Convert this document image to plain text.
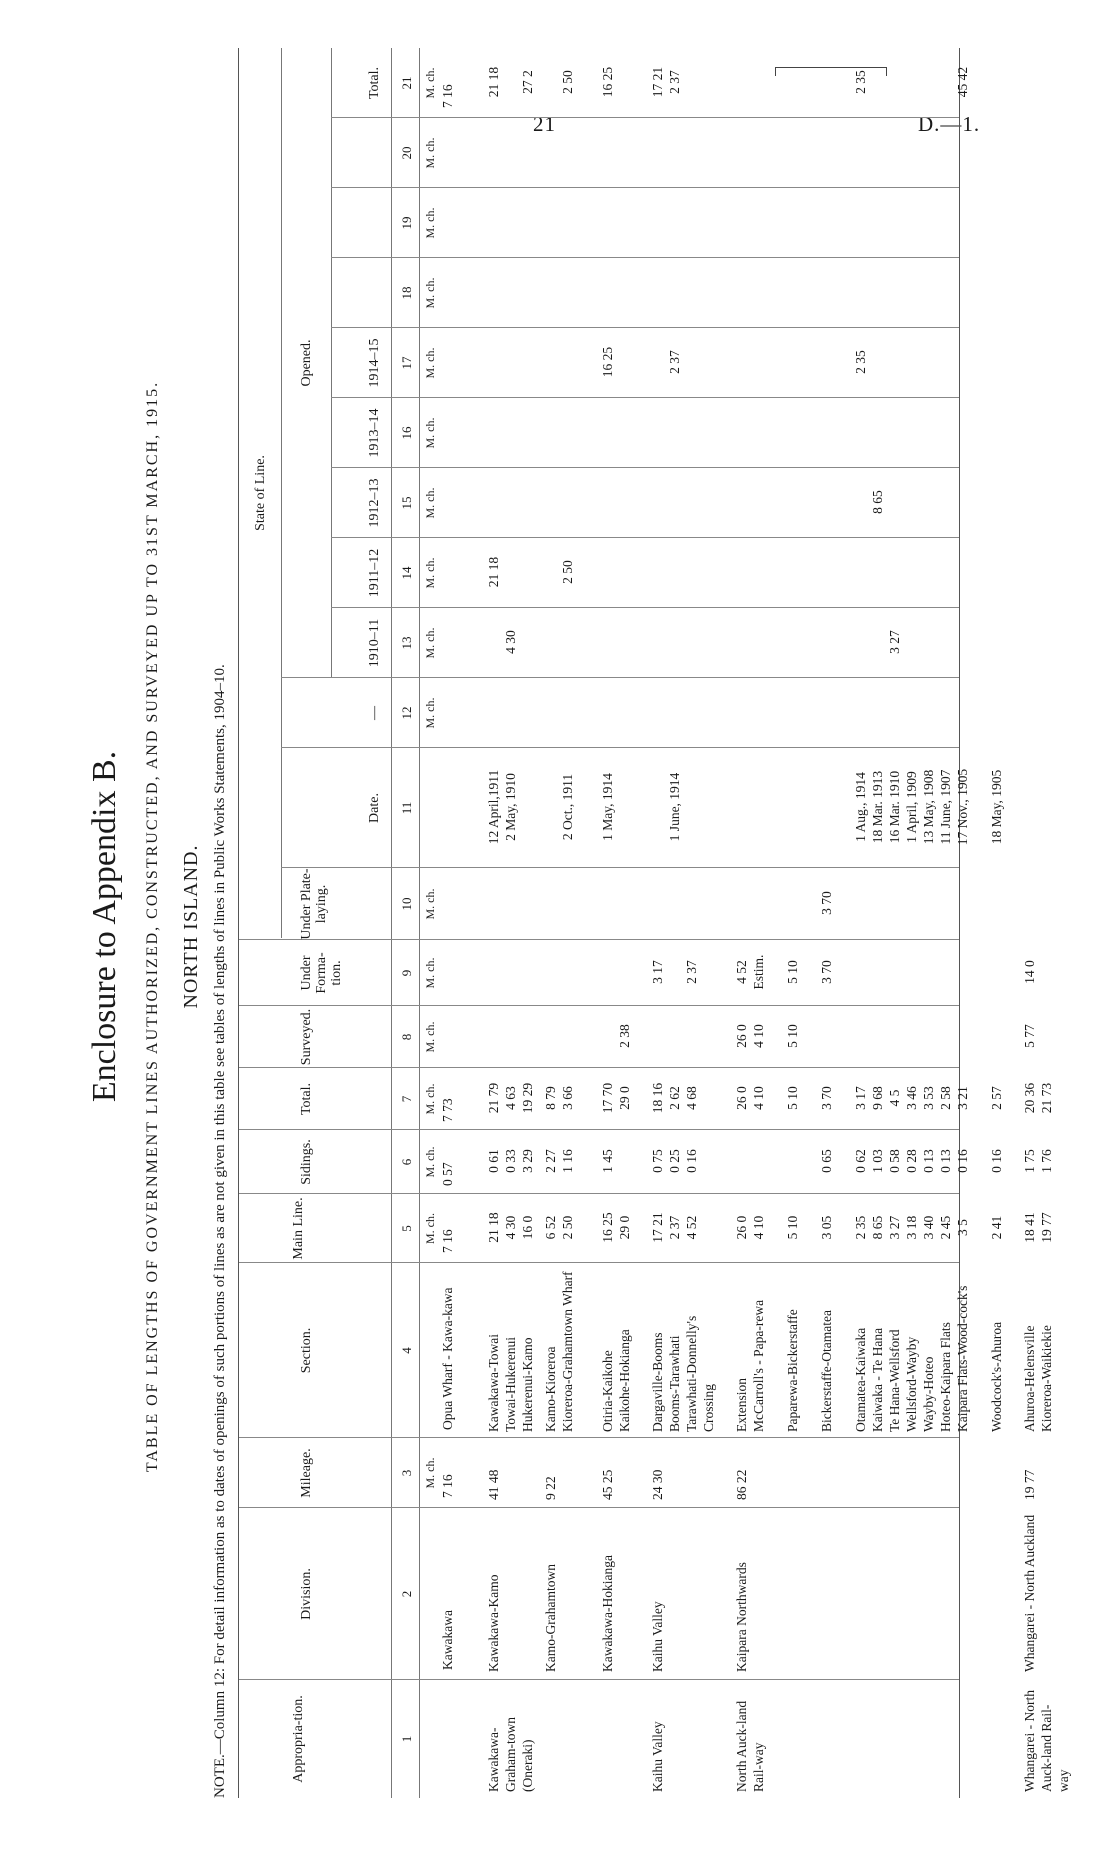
21	D.—1.
Enclosure to Appendix B. TABLE OF LENGTHS OF GOVERNMENT LINES AUTHORIZED, CONSTRUCTED, AND SURVEYED UP TO 31ST MARCH, 1915. NORTH ISLAND. NOTE.—Column 12: For detail information as to dates of openings of such portions of lines as are not given in this table see tables of lengths of lines in Public Works Statements, 1904–10.	Appropria-tion.
Division.
Mileage.
Section.
Main Line.
Sidings.
Total.
Surveyed.
Under Forma-tion.
Under Plate-laying.
State of Line.
Opened.
Date.
—
1910–11
1911–12
1912–13
1913–14
1914–15
Total.
Kawakawa
7 16
Opua Wharf - Kawa-kawa
7 16
0 57
7 73
7 16
1
2
3
4
5
6
7
8
9
10
11
12
13
14
15
16
17
18
19
20
21
M. ch.
M. ch.
M. ch.
M. ch.
M. ch.
M. ch.
M. ch.
M. ch.
M. ch.
M. ch.
M. ch.
M. ch.
M. ch.
M. ch.
M. ch.
M. ch.
M. ch.
Kawakawa-Graham-town (Oneraki)
Kawakawa-Kamo
41 48
Kawakawa-Towai
21 18
0 61
21 79
12 April,1911
21 18
21 18
Towai-Hukerenui
4 30
0 33
4 63
2 May, 1910
4 30
Hukerenui-Kamo
16 0
3 29
19 29
27 2
Kamo-Grahamtown
9 22
Kamo-Kioreroa
6 52
2 27
8 79
Kioreroa-Grahamtown Wharf
2 50
1 16
3 66
2 Oct., 1911
2 50
2 50
Kawakawa-Hokianga
45 25
Otiria-Kaikohe
16 25
1 45
17 70
1 May, 1914
16 25
16 25
Kaikohe-Hokianga
29 0
29 0
2 38
Kaihu Valley
Kaihu Valley
24 30
Dargaville-Booms
17 21
0 75
18 16
3 17
17 21
Booms-Tarawhati
2 37
0 25
2 62
1 June, 1914
2 37
2 37
Tarawhati-Donnelly's Crossing
4 52
0 16
4 68
2 37
North Auck-land Rail-way
Kaipara Northwards
86 22
Extension
26 0
26 0
26 0
4 52
McCarroll's - Papa-rewa
4 10
4 10
4 10
Estim.
Paparewa-Bickerstaffe
5 10
5 10
5 10
5 10
Bickerstaffe-Otamatea
3 05
0 65
3 70
3 70
3 70
Otamatea-Kaiwaka
2 35
0 62
3 17
1 Aug., 1914
2 35
2 35
Kaiwaka - Te Hana
8 65
1 03
9 68
18 Mar. 1913
8 65
Te Hana-Wellsford
3 27
0 58
4 5
16 Mar. 1910
3 27
Wellsford-Wayby
3 18
0 28
3 46
1 April, 1909
Wayby-Hoteo
3 40
0 13
3 53
13 May, 1908
Hoteo-Kaipara Flats
2 45
0 13
2 58
11 June, 1907
Kaipara Flats-Wood-cock's
3 5
0 16
3 21
17 Nov., 1905
45 42
Woodcock's-Ahuroa
2 41
0 16
2 57
18 May, 1905
Whangarei - North Auck-land Rail-way
Whangarei - North Auckland
19 77
Ahuroa-Helensville
18 41
1 75
20 36
5 77
14 0
Kioreroa-Waikiekie
19 77
1 76
21 73
